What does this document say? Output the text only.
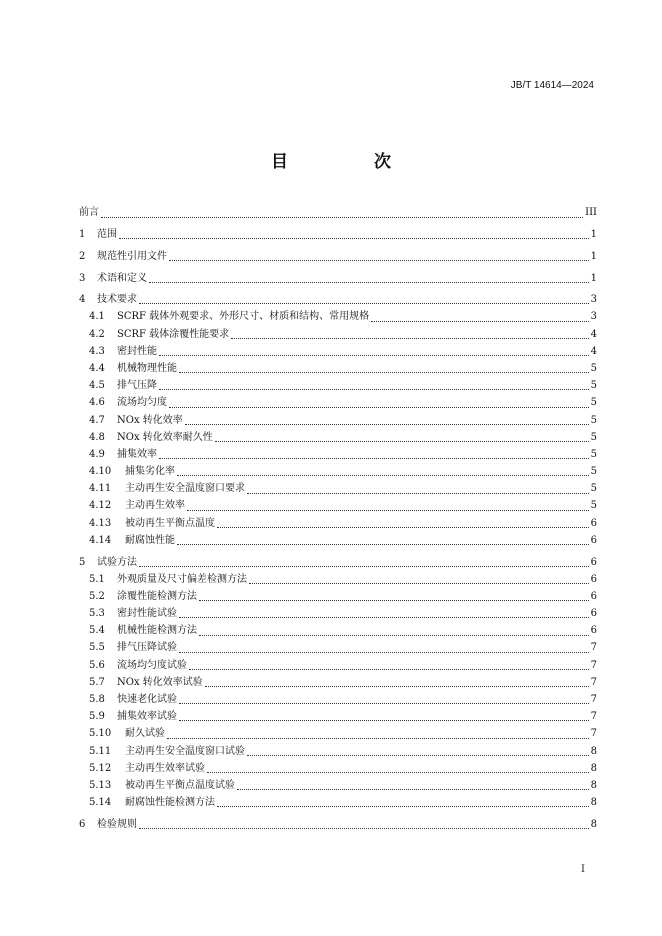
JB/T 14614—2024
目 次
前言	III
1	范围	1
2	规范性引用文件	1
3	术语和定义	1
4	技术要求	3
4.1	SCRF 载体外观要求、外形尺寸、材质和结构、常用规格	3
4.2	SCRF 载体涂覆性能要求	4
4.3	密封性能	4
4.4	机械物理性能	5
4.5	排气压降	5
4.6	流场均匀度	5
4.7	NOx 转化效率	5
4.8	NOx 转化效率耐久性	5
4.9	捕集效率	5
4.10	捕集劣化率	5
4.11	主动再生安全温度窗口要求	5
4.12	主动再生效率	5
4.13	被动再生平衡点温度	6
4.14	耐腐蚀性能	6
5	试验方法	6
5.1	外观质量及尺寸偏差检测方法	6
5.2	涂覆性能检测方法	6
5.3	密封性能试验	6
5.4	机械性能检测方法	6
5.5	排气压降试验	7
5.6	流场均匀度试验	7
5.7	NOx 转化效率试验	7
5.8	快速老化试验	7
5.9	捕集效率试验	7
5.10	耐久试验	7
5.11	主动再生安全温度窗口试验	8
5.12	主动再生效率试验	8
5.13	被动再生平衡点温度试验	8
5.14	耐腐蚀性能检测方法	8
6	检验规则	8
I
